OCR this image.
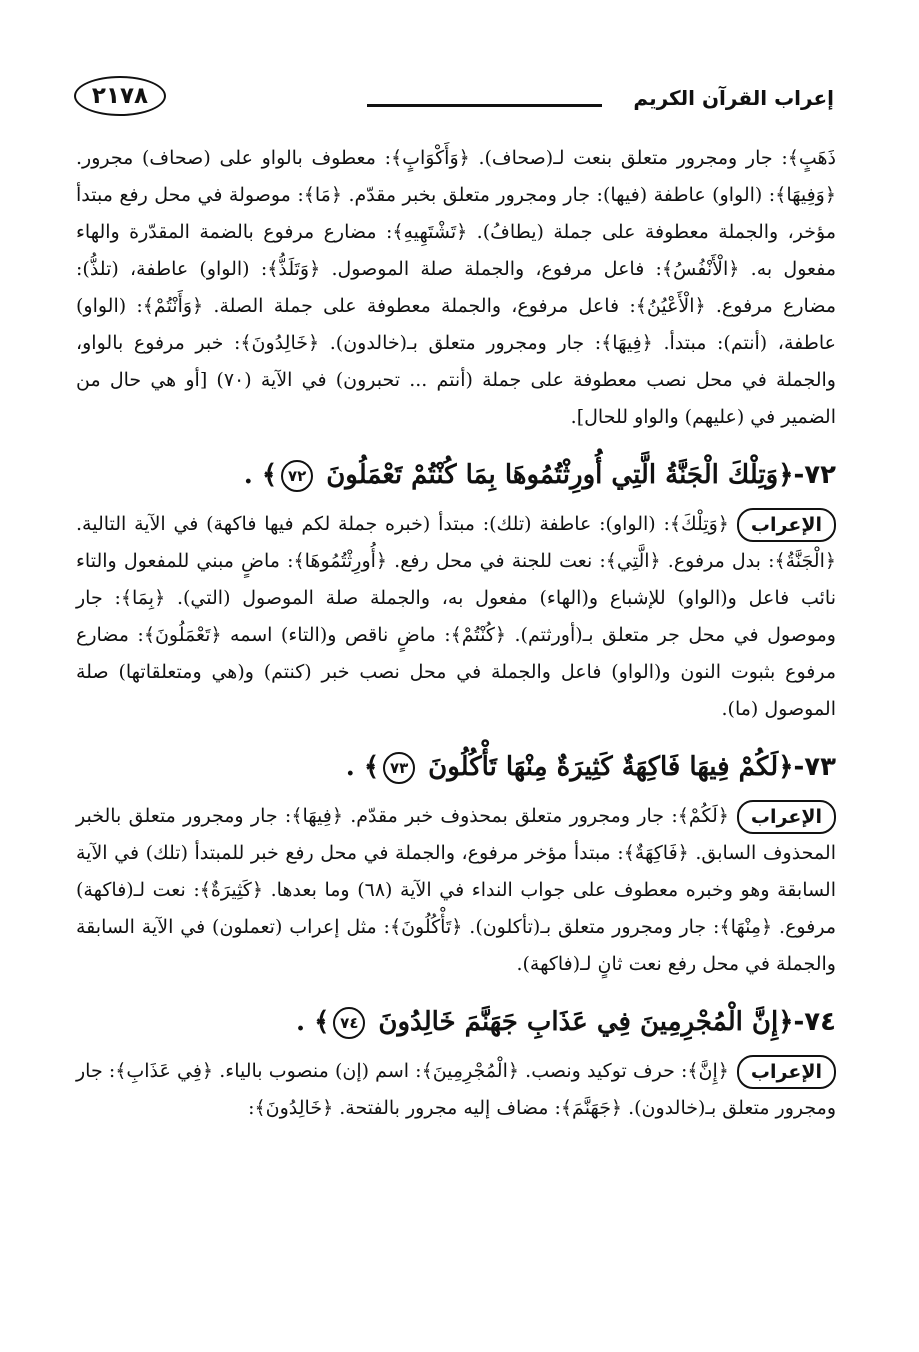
إعراب القرآن الكريم
٢١٧٨

ذَهَبٍ﴾: جار ومجرور متعلق بنعت لـ(صحاف). ﴿وَأَكْوَابٍ﴾: معطوف بالواو على (صحاف) مجرور. ﴿وَفِيهَا﴾: (الواو) عاطفة (فيها): جار ومجرور متعلق بخبر مقدّم. ﴿مَا﴾: موصولة في محل رفع مبتدأ مؤخر، والجملة معطوفة على جملة (يطافُ). ﴿تَشْتَهِيهِ﴾: مضارع مرفوع بالضمة المقدّرة والهاء مفعول به. ﴿الْأَنْفُسُ﴾: فاعل مرفوع، والجملة صلة الموصول. ﴿وَتَلَذُّ﴾: (الواو) عاطفة، (تلذُّ): مضارع مرفوع. ﴿الْأَعْيُنُ﴾: فاعل مرفوع، والجملة معطوفة على جملة الصلة. ﴿وَأَنْتُمْ﴾: (الواو) عاطفة، (أنتم): مبتدأ. ﴿فِيهَا﴾: جار ومجرور متعلق بـ(خالدون). ﴿خَالِدُونَ﴾: خبر مرفوع بالواو، والجملة في محل نصب معطوفة على جملة (أنتم ... تحبرون) في الآية (٧٠) [أو هي حال من الضمير في (عليهم) والواو للحال].

٧٢-﴿وَتِلْكَ الْجَنَّةُ الَّتِي أُورِثْتُمُوهَا بِمَا كُنْتُمْ تَعْمَلُونَ ٧٢﴾ .

الإعراب﴿وَتِلْكَ﴾: (الواو): عاطفة (تلك): مبتدأ (خبره جملة لكم فيها فاكهة) في الآية التالية. ﴿الْجَنَّةُ﴾: بدل مرفوع. ﴿الَّتِي﴾: نعت للجنة في محل رفع. ﴿أُورِثْتُمُوهَا﴾: ماضٍ مبني للمفعول والتاء نائب فاعل و(الواو) للإشباع و(الهاء) مفعول به، والجملة صلة الموصول (التي). ﴿بِمَا﴾: جار وموصول في محل جر متعلق بـ(أورثتم). ﴿كُنْتُمْ﴾: ماضٍ ناقص و(التاء) اسمه ﴿تَعْمَلُونَ﴾: مضارع مرفوع بثبوت النون و(الواو) فاعل والجملة في محل نصب خبر (كنتم) و(هي ومتعلقاتها) صلة الموصول (ما).

٧٣-﴿لَكُمْ فِيهَا فَاكِهَةٌ كَثِيرَةٌ مِنْهَا تَأْكُلُونَ ٧٣﴾ .

الإعراب﴿لَكُمْ﴾: جار ومجرور متعلق بمحذوف خبر مقدّم. ﴿فِيهَا﴾: جار ومجرور متعلق بالخبر المحذوف السابق. ﴿فَاكِهَةٌ﴾: مبتدأ مؤخر مرفوع، والجملة في محل رفع خبر للمبتدأ (تلك) في الآية السابقة وهو وخبره معطوف على جواب النداء في الآية (٦٨) وما بعدها. ﴿كَثِيرَةٌ﴾: نعت لـ(فاكهة) مرفوع. ﴿مِنْهَا﴾: جار ومجرور متعلق بـ(تأكلون). ﴿تَأْكُلُونَ﴾: مثل إعراب (تعملون) في الآية السابقة والجملة في محل رفع نعت ثانٍ لـ(فاكهة).

٧٤-﴿إِنَّ الْمُجْرِمِينَ فِي عَذَابِ جَهَنَّمَ خَالِدُونَ ٧٤﴾ .

الإعراب﴿إِنَّ﴾: حرف توكيد ونصب. ﴿الْمُجْرِمِينَ﴾: اسم (إن) منصوب بالياء. ﴿فِي عَذَابِ﴾: جار ومجرور متعلق بـ(خالدون). ﴿جَهَنَّمَ﴾: مضاف إليه مجرور بالفتحة. ﴿خَالِدُونَ﴾:
